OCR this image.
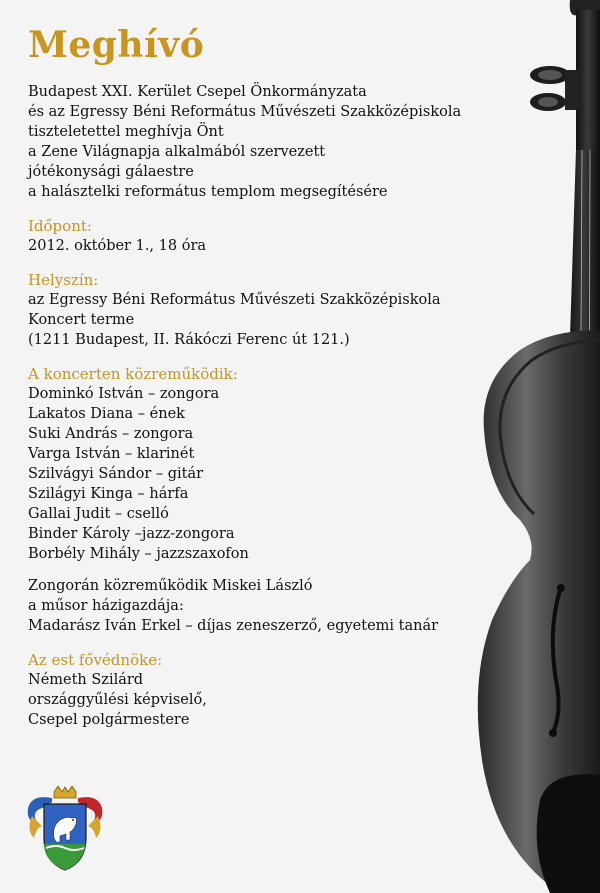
Meghívó
Budapest XXI. Kerület Csepel Önkormányzata
és az Egressy Béni Református Művészeti Szakközépiskola
tiszteletettel meghívja Önt
a Zene Világnapja alkalmából szervezett
jótékonysági gálaestre
a halásztelki református templom megsegítésére
Időpont:
2012. október 1., 18 óra
Helyszín:
az Egressy Béni Református Művészeti Szakközépiskola
Koncert terme
(1211 Budapest, II. Rákóczi Ferenc út 121.)
A koncerten közreműködik:
Dominkó István – zongora
Lakatos Diana – ének
Suki András – zongora
Varga István – klarinét
Szilvágyi Sándor – gitár
Szilágyi Kinga – hárfa
Gallai Judit – cselló
Binder Károly –jazz-zongora
Borbély Mihály – jazzszaxofon
Zongorán közreműködik Miskei László
a műsor házigazdája:
Madarász Iván Erkel – díjas zeneszerző, egyetemi tanár
Az est fővédnöke:
Németh Szilárd
országgyűlési képviselő,
Csepel polgármestere
